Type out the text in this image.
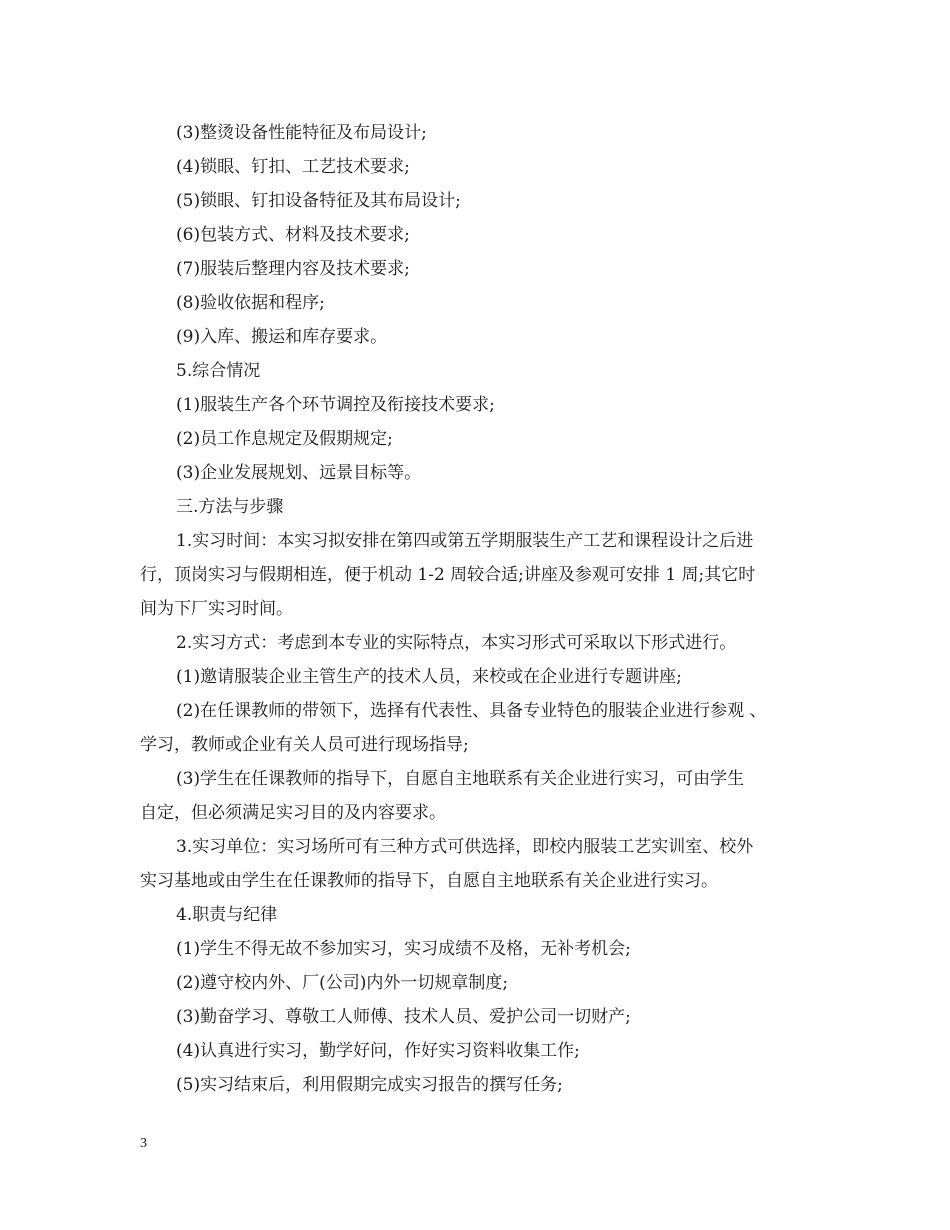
(3)整烫设备性能特征及布局设计;
(4)锁眼、钉扣、工艺技术要求;
(5)锁眼、钉扣设备特征及其布局设计;
(6)包装方式、材料及技术要求;
(7)服装后整理内容及技术要求;
(8)验收依据和程序;
(9)入库、搬运和库存要求。
5.综合情况
(1)服装生产各个环节调控及衔接技术要求;
(2)员工作息规定及假期规定;
(3)企业发展规划、远景目标等。
三.方法与步骤
1.实习时间：本实习拟安排在第四或第五学期服装生产工艺和课程设计之后进
行，顶岗实习与假期相连，便于机动 1-2 周较合适;讲座及参观可安排 1 周;其它时
间为下厂实习时间。
2.实习方式：考虑到本专业的实际特点，本实习形式可采取以下形式进行。
(1)邀请服装企业主管生产的技术人员，来校或在企业进行专题讲座;
(2)在任课教师的带领下，选择有代表性、具备专业特色的服装企业进行参观 、
学习，教师或企业有关人员可进行现场指导;
(3)学生在任课教师的指导下，自愿自主地联系有关企业进行实习，可由学生
自定，但必须满足实习目的及内容要求。
3.实习单位：实习场所可有三种方式可供选择，即校内服装工艺实训室、校外
实习基地或由学生在任课教师的指导下，自愿自主地联系有关企业进行实习。
4.职责与纪律
(1)学生不得无故不参加实习，实习成绩不及格，无补考机会;
(2)遵守校内外、厂(公司)内外一切规章制度;
(3)勤奋学习、尊敬工人师傅、技术人员、爱护公司一切财产;
(4)认真进行实习，勤学好问，作好实习资料收集工作;
(5)实习结束后，利用假期完成实习报告的撰写任务;
3
